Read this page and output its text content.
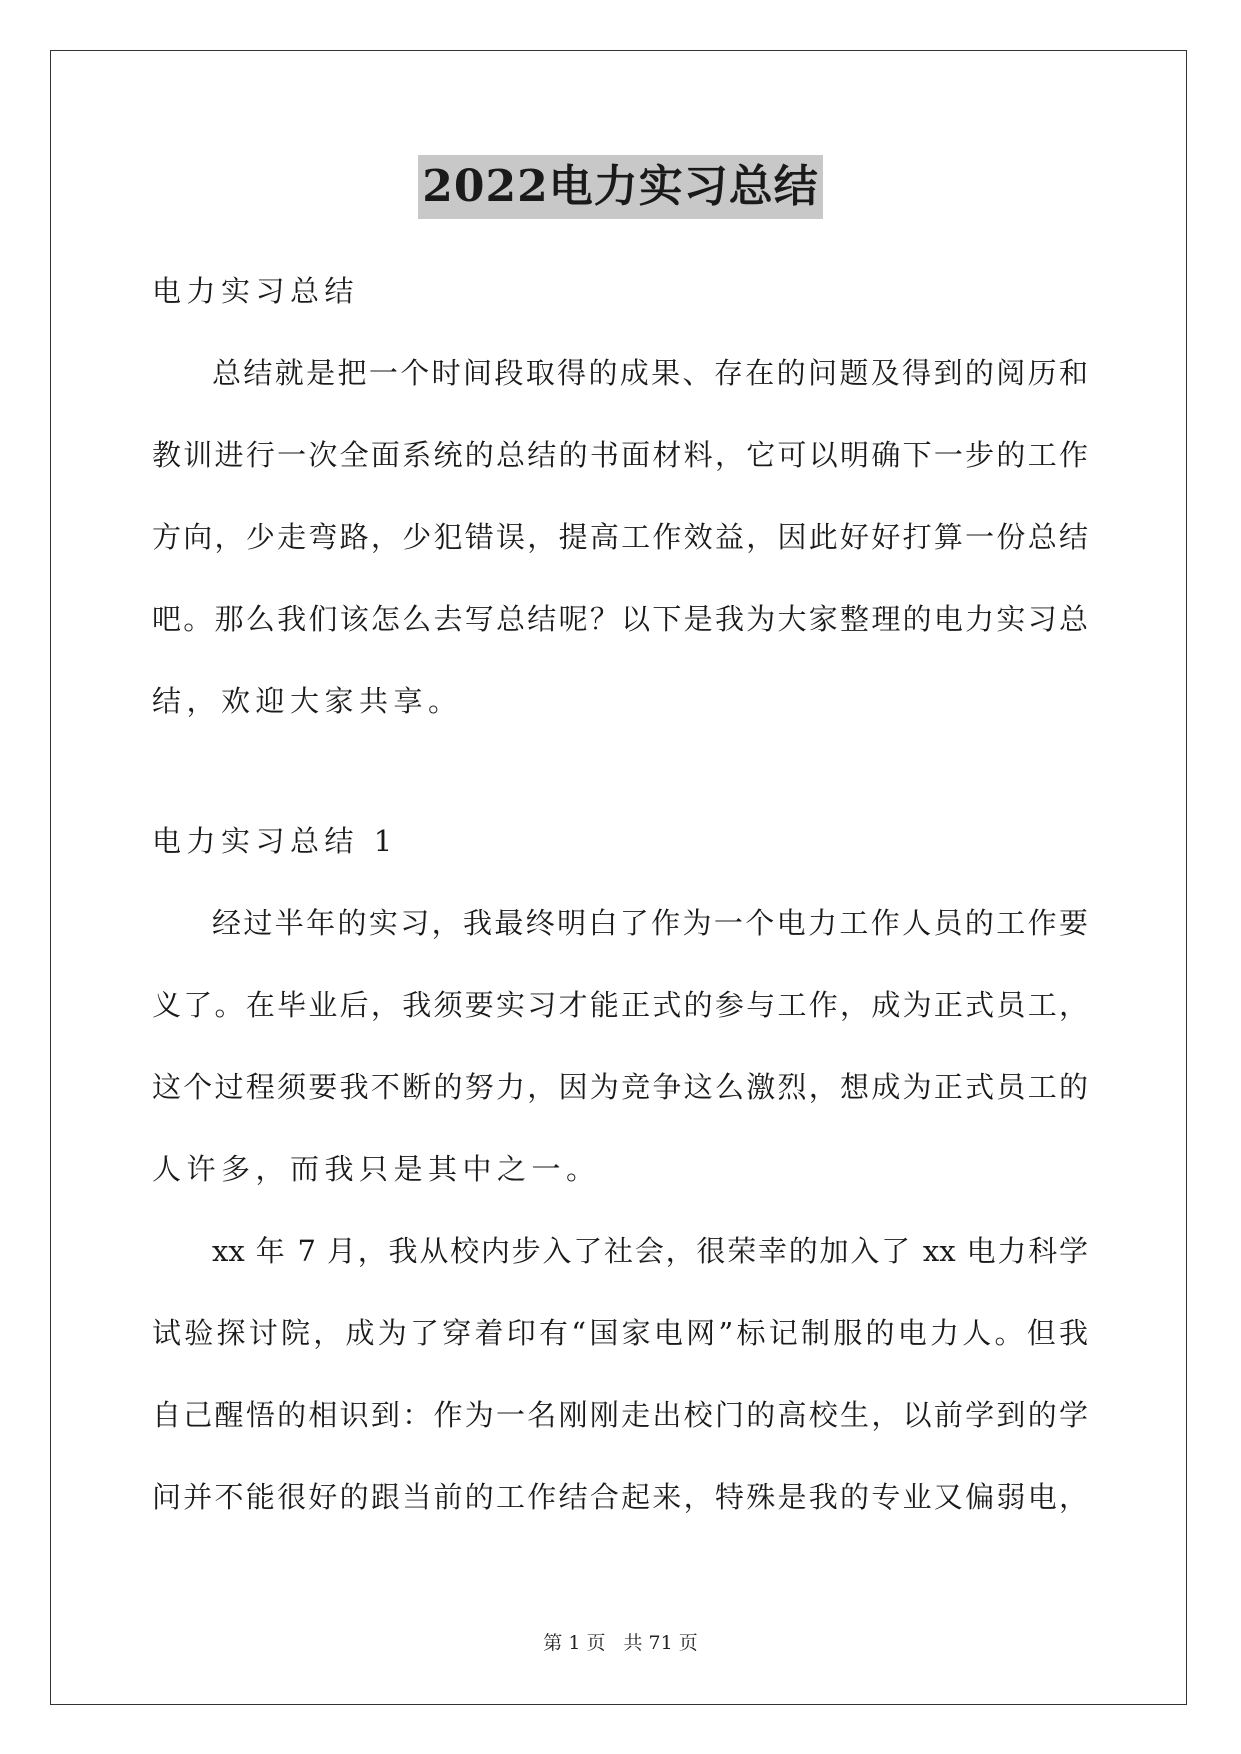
2022电力实习总结
电力实习总结
总结就是把一个时间段取得的成果、存在的问题及得到的阅历和
教训进行一次全面系统的总结的书面材料，它可以明确下一步的工作
方向，少走弯路，少犯错误，提高工作效益，因此好好打算一份总结
吧。那么我们该怎么去写总结呢？以下是我为大家整理的电力实习总
结，欢迎大家共享。
电力实习总结 1
经过半年的实习，我最终明白了作为一个电力工作人员的工作要
义了。在毕业后，我须要实习才能正式的参与工作，成为正式员工，
这个过程须要我不断的努力，因为竞争这么激烈，想成为正式员工的
人许多，而我只是其中之一。
xx 年 7 月，我从校内步入了社会，很荣幸的加入了 xx 电力科学
试验探讨院，成为了穿着印有“国家电网”标记制服的电力人。但我
自己醒悟的相识到：作为一名刚刚走出校门的高校生，以前学到的学
问并不能很好的跟当前的工作结合起来，特殊是我的专业又偏弱电，
第 1 页 共 71 页
